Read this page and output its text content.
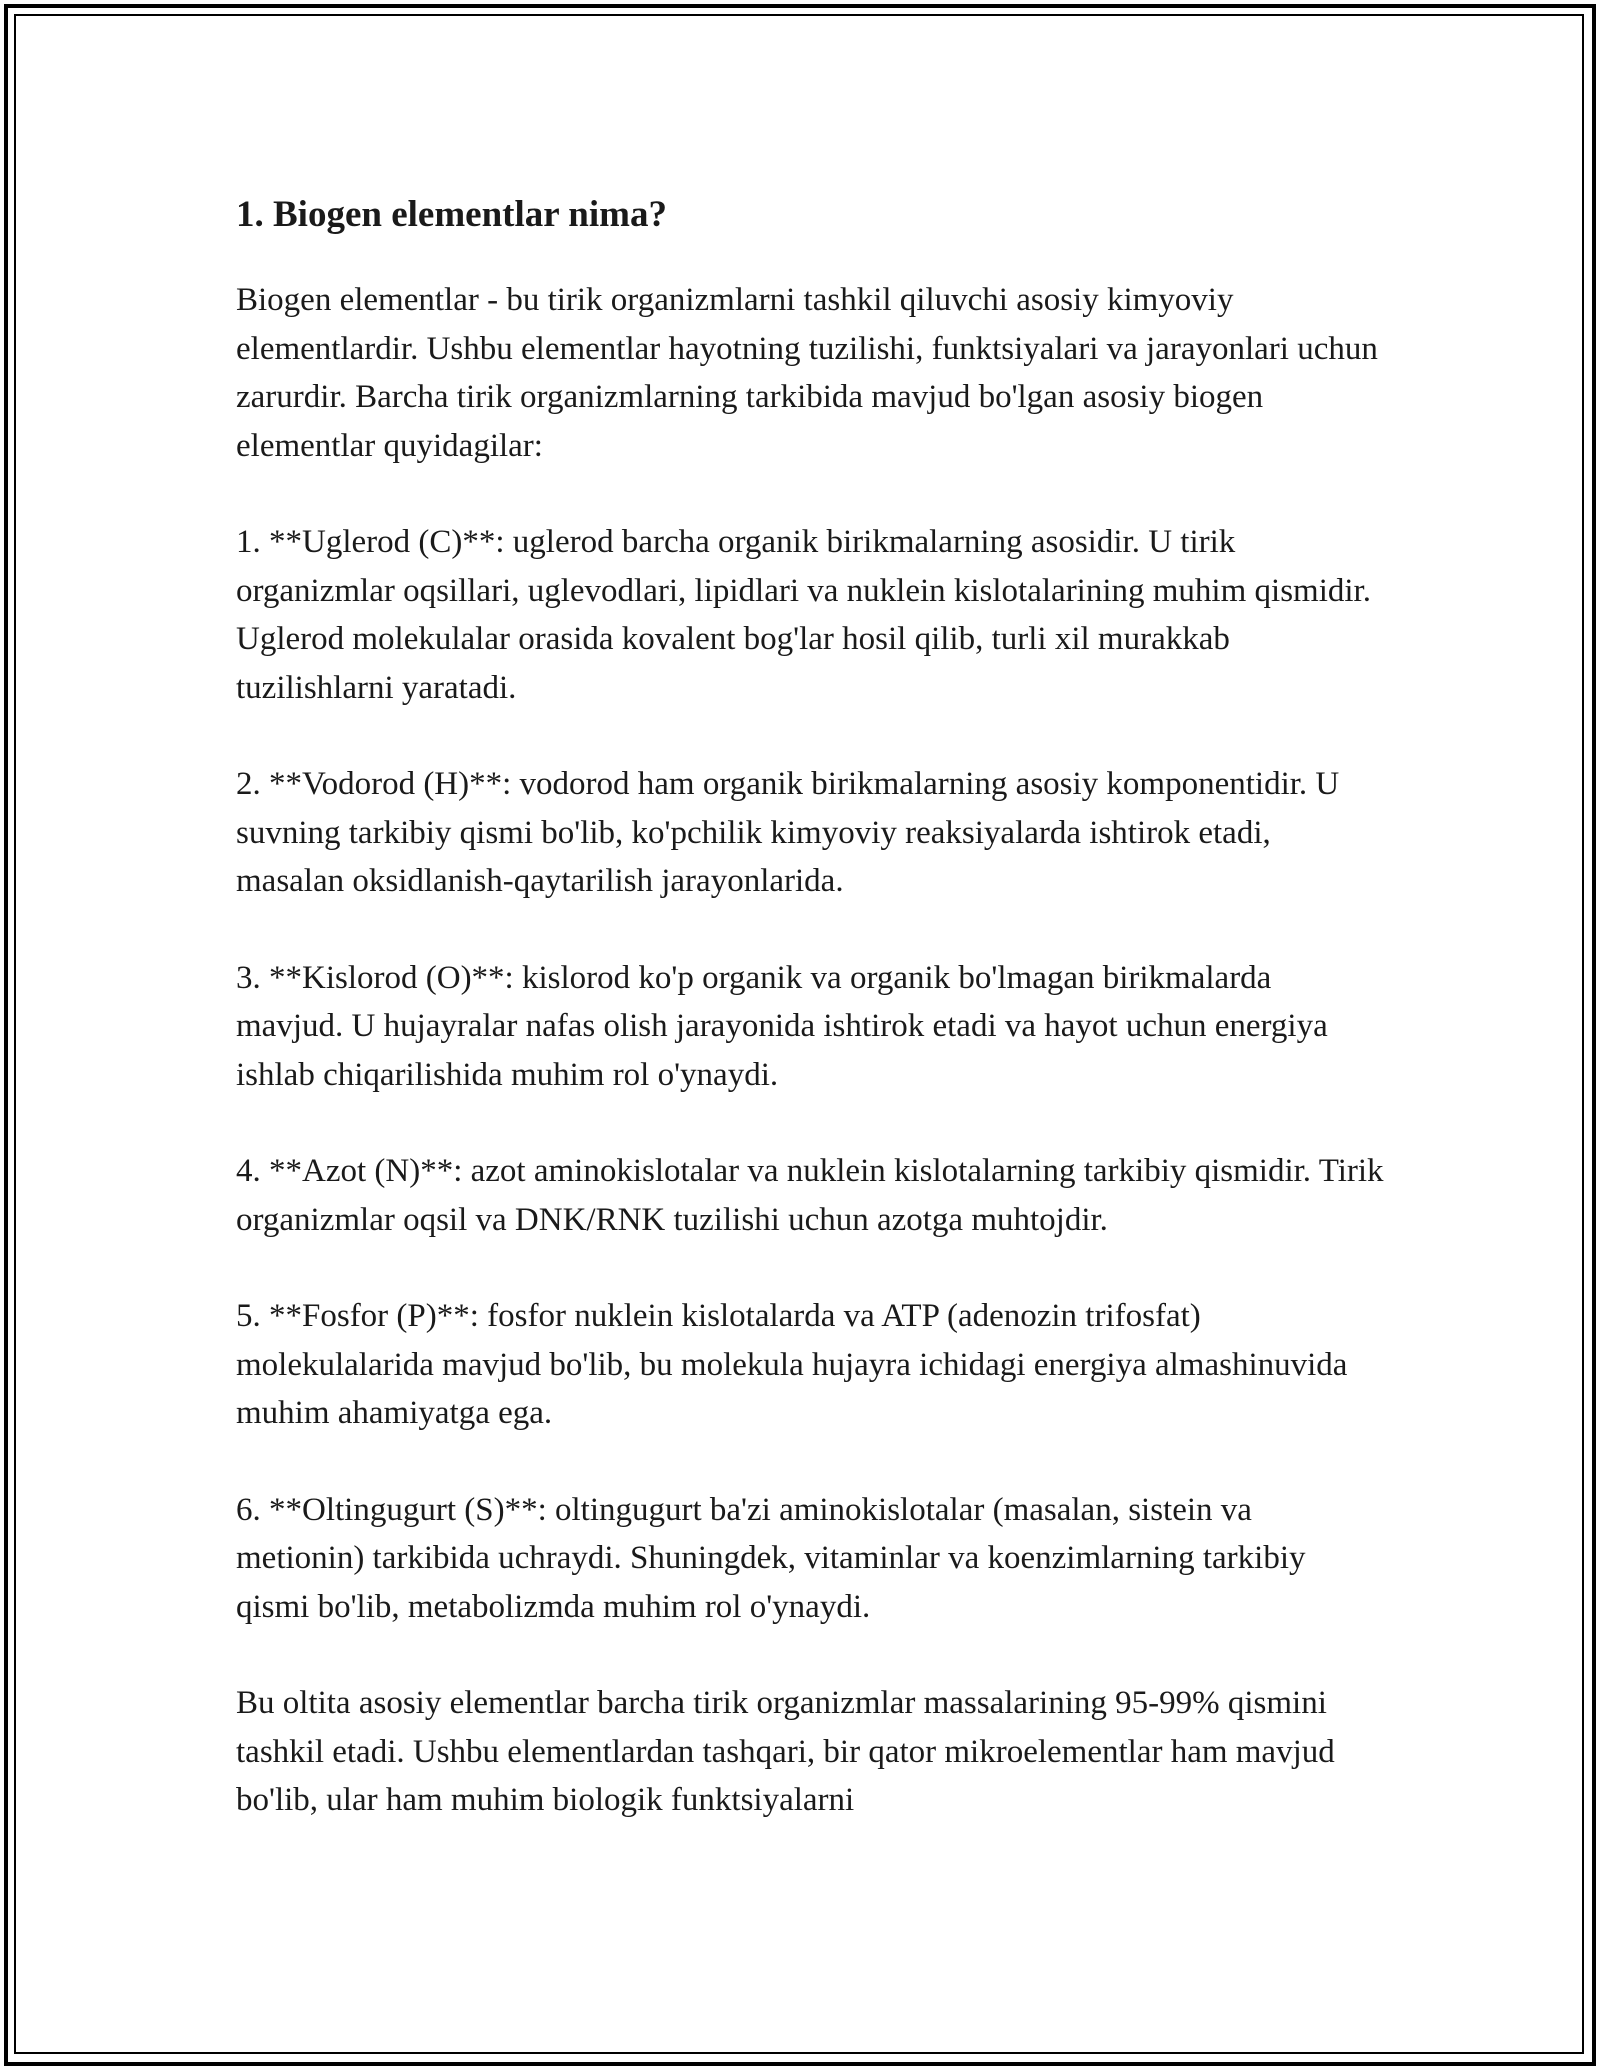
1. Biogen elementlar nima?

Biogen elementlar - bu tirik organizmlarni tashkil qiluvchi asosiy kimyoviy elementlardir. Ushbu elementlar hayotning tuzilishi, funktsiyalari va jarayonlari uchun zarurdir. Barcha tirik organizmlarning tarkibida mavjud bo'lgan asosiy biogen elementlar quyidagilar:

1. **Uglerod (C)**: uglerod barcha organik birikmalarning asosidir. U tirik organizmlar oqsillari, uglevodlari, lipidlari va nuklein kislotalarining muhim qismidir. Uglerod molekulalar orasida kovalent bog'lar hosil qilib, turli xil murakkab tuzilishlarni yaratadi.

2. **Vodorod (H)**: vodorod ham organik birikmalarning asosiy komponentidir. U suvning tarkibiy qismi bo'lib, ko'pchilik kimyoviy reaksiyalarda ishtirok etadi, masalan oksidlanish-qaytarilish jarayonlarida.

3. **Kislorod (O)**: kislorod ko'p organik va organik bo'lmagan birikmalarda mavjud. U hujayralar nafas olish jarayonida ishtirok etadi va hayot uchun energiya ishlab chiqarilishida muhim rol o'ynaydi.

4. **Azot (N)**: azot aminokislotalar va nuklein kislotalarning tarkibiy qismidir. Tirik organizmlar oqsil va DNK/RNK tuzilishi uchun azotga muhtojdir.

5. **Fosfor (P)**: fosfor nuklein kislotalarda va ATP (adenozin trifosfat) molekulalarida mavjud bo'lib, bu molekula hujayra ichidagi energiya almashinuvida muhim ahamiyatga ega.

6. **Oltingugurt (S)**: oltingugurt ba'zi aminokislotalar (masalan, sistein va metionin) tarkibida uchraydi. Shuningdek, vitaminlar va koenzimlarning tarkibiy qismi bo'lib, metabolizmda muhim rol o'ynaydi.

Bu oltita asosiy elementlar barcha tirik organizmlar massalarining 95-99% qismini tashkil etadi. Ushbu elementlardan tashqari, bir qator mikroelementlar ham mavjud bo'lib, ular ham muhim biologik funktsiyalarni
